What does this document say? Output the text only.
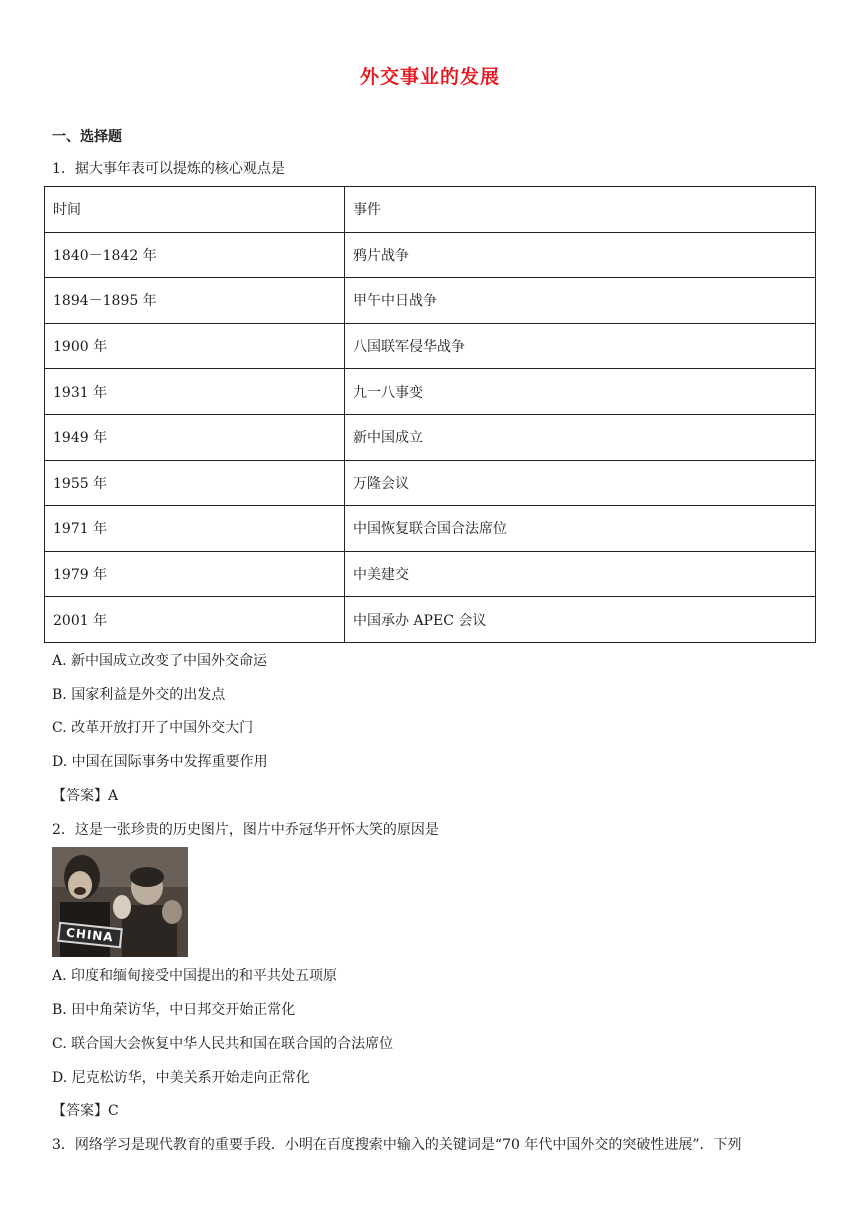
外交事业的发展
一、选择题
1．据大事年表可以提炼的核心观点是
时间	事件
1840－1842 年	鸦片战争
1894－1895 年	甲午中日战争
1900 年	八国联军侵华战争
1931 年	九一八事变
1949 年	新中国成立
1955 年	万隆会议
1971 年	中国恢复联合国合法席位
1979 年	中美建交
2001 年	中国承办 APEC 会议
A. 新中国成立改变了中国外交命运
B. 国家利益是外交的出发点
C. 改革开放打开了中国外交大门
D. 中国在国际事务中发挥重要作用
【答案】A
2．这是一张珍贵的历史图片，图片中乔冠华开怀大笑的原因是
CHINA
A. 印度和缅甸接受中国提出的和平共处五项原
B. 田中角荣访华，中日邦交开始正常化
C. 联合国大会恢复中华人民共和国在联合国的合法席位
D. 尼克松访华，中美关系开始走向正常化
【答案】C
3．网络学习是现代教育的重要手段．小明在百度搜索中输入的关键词是“70 年代中国外交的突破性进展”．下列
